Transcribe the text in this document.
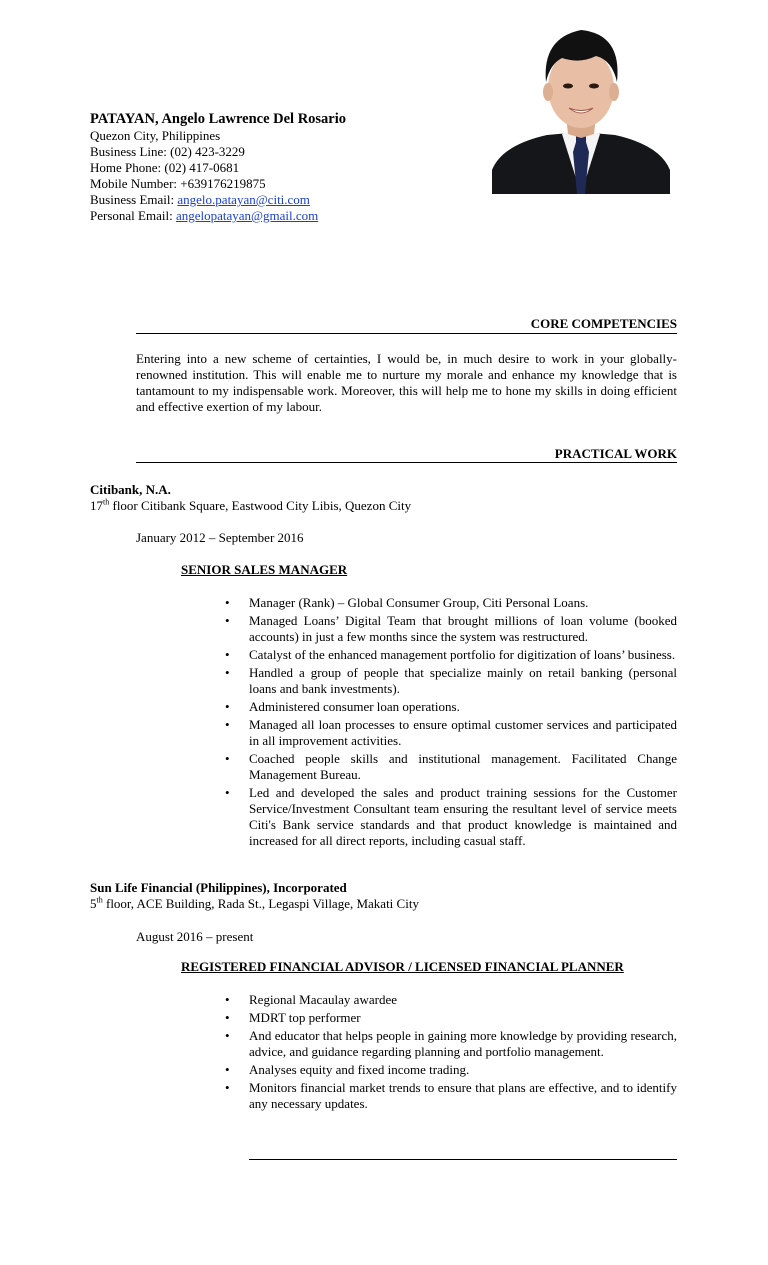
PATAYAN, Angelo Lawrence Del Rosario
Quezon City, Philippines
Business Line: (02) 423-3229
Home Phone: (02) 417-0681
Mobile Number: +639176219875
Business Email: angelo.patayan@citi.com
Personal Email: angelopatayan@gmail.com
CORE COMPETENCIES
Entering into a new scheme of certainties, I would be, in much desire to work in your globally-renowned institution. This will enable me to nurture my morale and enhance my knowledge that is tantamount to my indispensable work. Moreover, this will help me to hone my skills in doing efficient and effective exertion of my labour.
PRACTICAL WORK
Citibank, N.A.
17th floor Citibank Square, Eastwood City Libis, Quezon City
January 2012 – September 2016
SENIOR SALES MANAGER
• Manager (Rank) – Global Consumer Group, Citi Personal Loans.
• Managed Loans’ Digital Team that brought millions of loan volume (booked accounts) in just a few months since the system was restructured.
• Catalyst of the enhanced management portfolio for digitization of loans’ business.
• Handled a group of people that specialize mainly on retail banking (personal loans and bank investments).
• Administered consumer loan operations.
• Managed all loan processes to ensure optimal customer services and participated in all improvement activities.
• Coached people skills and institutional management. Facilitated Change Management Bureau.
• Led and developed the sales and product training sessions for the Customer Service/Investment Consultant team ensuring the resultant level of service meets Citi's Bank service standards and that product knowledge is maintained and increased for all direct reports, including casual staff.
Sun Life Financial (Philippines), Incorporated
5th floor, ACE Building, Rada St., Legaspi Village, Makati City
August 2016 – present
REGISTERED FINANCIAL ADVISOR / LICENSED FINANCIAL PLANNER
• Regional Macaulay awardee
• MDRT top performer
• And educator that helps people in gaining more knowledge by providing research, advice, and guidance regarding planning and portfolio management.
• Analyses equity and fixed income trading.
• Monitors financial market trends to ensure that plans are effective, and to identify any necessary updates.
